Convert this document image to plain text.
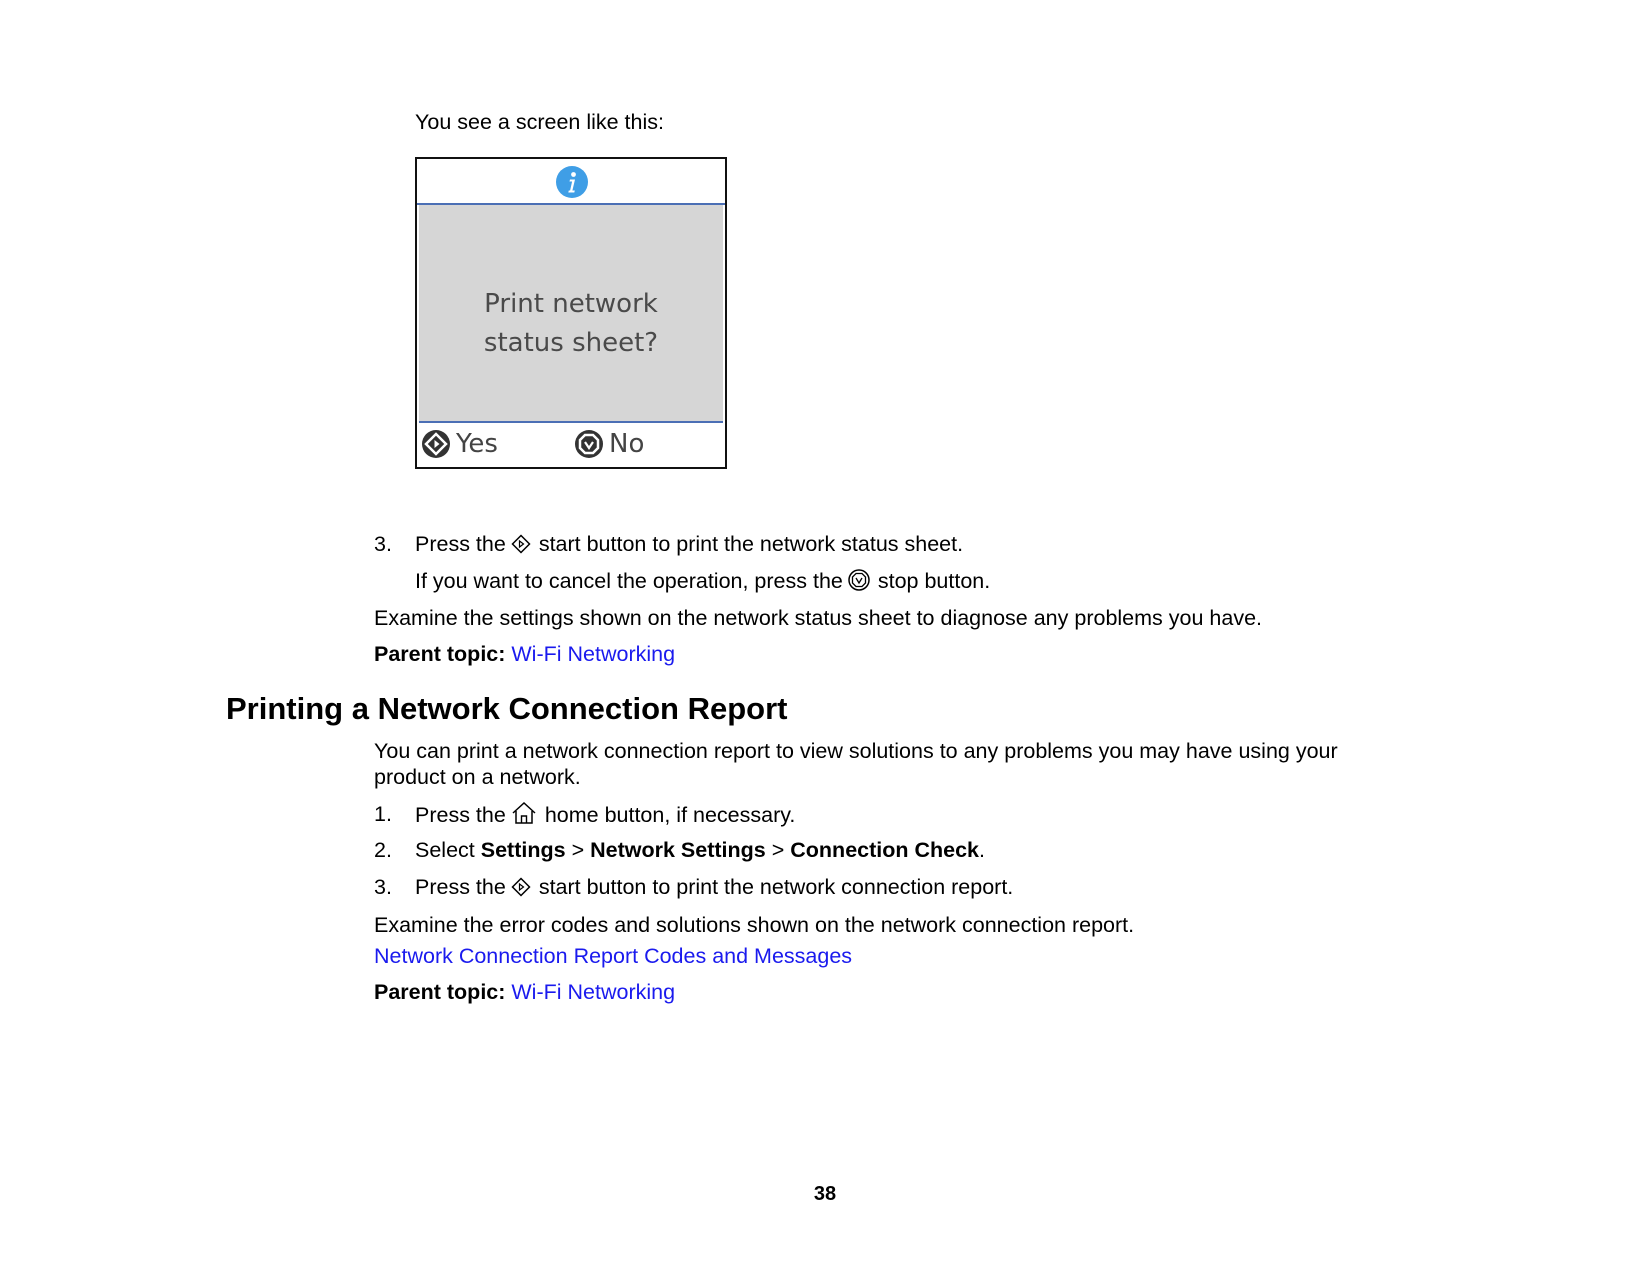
You see a screen like this:
Print network
status sheet?
Yes	No
3. Press the start button to print the network status sheet.
If you want to cancel the operation, press the stop button.
Examine the settings shown on the network status sheet to diagnose any problems you have.
Parent topic: Wi-Fi Networking
Printing a Network Connection Report
You can print a network connection report to view solutions to any problems you may have using your
product on a network.
1. Press the home button, if necessary.
2. Select Settings > Network Settings > Connection Check.
3. Press the start button to print the network connection report.
Examine the error codes and solutions shown on the network connection report.
Network Connection Report Codes and Messages
Parent topic: Wi-Fi Networking
38
